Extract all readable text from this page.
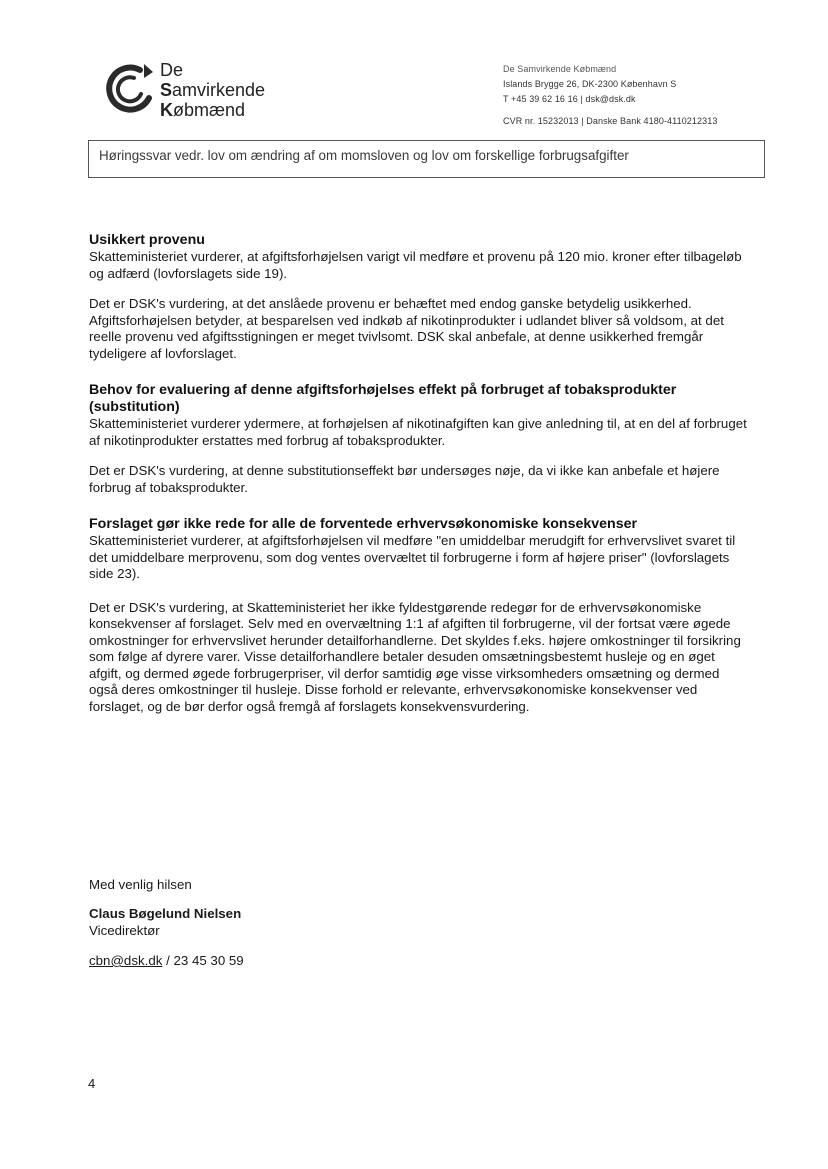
De
Samvirkende
Købmænd
De Samvirkende Købmænd
Islands Brygge 26, DK-2300 København S
T +45 39 62 16 16 | dsk@dsk.dk
CVR nr. 15232013 | Danske Bank 4180-4110212313
Høringssvar vedr. lov om ændring af om momsloven og lov om forskellige forbrugsafgifter
Usikkert provenu

Skatteministeriet vurderer, at afgiftsforhøjelsen varigt vil medføre et provenu på 120 mio. kroner efter tilbageløb og adfærd (lovforslagets side 19).

Det er DSK's vurdering, at det anslåede provenu er behæftet med endog ganske betydelig usikkerhed. Afgiftsforhøjelsen betyder, at besparelsen ved indkøb af nikotinprodukter i udlandet bliver så voldsom, at det reelle provenu ved afgiftsstigningen er meget tvivlsomt. DSK skal anbefale, at denne usikkerhed fremgår tydeligere af lovforslaget.

Behov for evaluering af denne afgiftsforhøjelses effekt på forbruget af tobaksprodukter (substitution)

Skatteministeriet vurderer ydermere, at forhøjelsen af nikotinafgiften kan give anledning til, at en del af forbruget af nikotinprodukter erstattes med forbrug af tobaksprodukter.

Det er DSK's vurdering, at denne substitutionseffekt bør undersøges nøje, da vi ikke kan anbefale et højere forbrug af tobaksprodukter.

Forslaget gør ikke rede for alle de forventede erhvervsøkonomiske konsekvenser

Skatteministeriet vurderer, at afgiftsforhøjelsen vil medføre "en umiddelbar merudgift for erhvervslivet svaret til det umiddelbare merprovenu, som dog ventes overvæltet til forbrugerne i form af højere priser" (lovforslagets side 23).

Det er DSK's vurdering, at Skatteministeriet her ikke fyldestgørende redegør for de erhvervsøkonomiske konsekvenser af forslaget. Selv med en overvæltning 1:1 af afgiften til forbrugerne, vil der fortsat være øgede omkostninger for erhvervslivet herunder detailforhandlerne. Det skyldes f.eks. højere omkostninger til forsikring som følge af dyrere varer. Visse detailforhandlere betaler desuden omsætningsbestemt husleje og en øget afgift, og dermed øgede forbrugerpriser, vil derfor samtidig øge visse virksomheders omsætning og dermed også deres omkostninger til husleje. Disse forhold er relevante, erhvervsøkonomiske konsekvenser ved forslaget, og de bør derfor også fremgå af forslagets konsekvensvurdering.

Med venlig hilsen
Claus Bøgelund Nielsen
Vicedirektør
cbn@dsk.dk / 23 45 30 59
4
